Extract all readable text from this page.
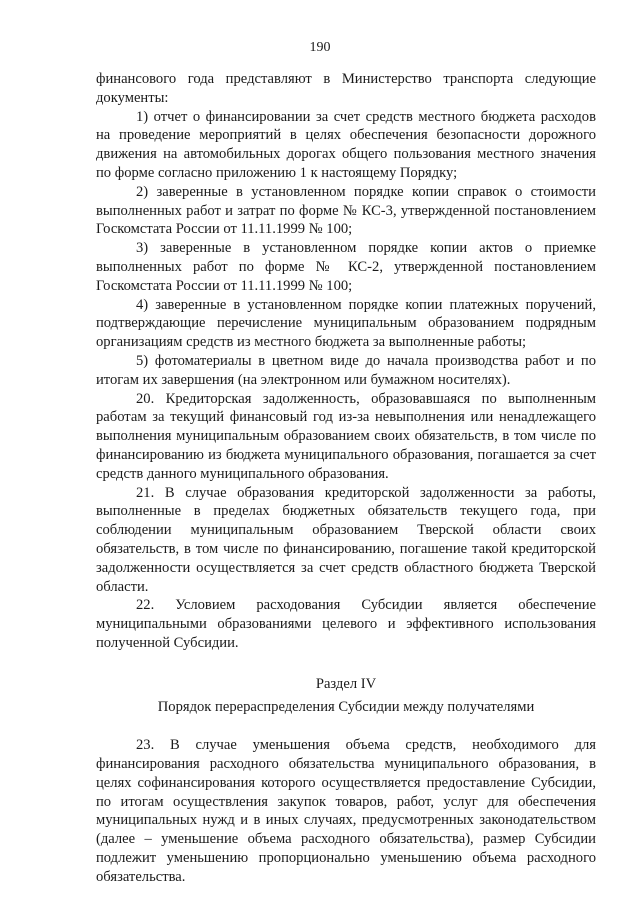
190

финансового года представляют в Министерство транспорта следующие документы:

1) отчет о финансировании за счет средств местного бюджета расходов на проведение мероприятий в целях обеспечения безопасности дорожного движения на автомобильных дорогах общего пользования местного значения по форме согласно приложению 1 к настоящему Порядку;

2) заверенные в установленном порядке копии справок о стоимости выполненных работ и затрат по форме № КС-3, утвержденной постановлением Госкомстата России от 11.11.1999 № 100;

3) заверенные в установленном порядке копии актов о приемке выполненных работ по форме № КС-2, утвержденной постановлением Госкомстата России от 11.11.1999 № 100;

4) заверенные в установленном порядке копии платежных поручений, подтверждающие перечисление муниципальным образованием подрядным организациям средств из местного бюджета за выполненные работы;

5) фотоматериалы в цветном виде до начала производства работ и по итогам их завершения (на электронном или бумажном носителях).

20. Кредиторская задолженность, образовавшаяся по выполненным работам за текущий финансовый год из-за невыполнения или ненадлежащего выполнения муниципальным образованием своих обязательств, в том числе по финансированию из бюджета муниципального образования, погашается за счет средств данного муниципального образования.

21. В случае образования кредиторской задолженности за работы, выполненные в пределах бюджетных обязательств текущего года, при соблюдении муниципальным образованием Тверской области своих обязательств, в том числе по финансированию, погашение такой кредиторской задолженности осуществляется за счет средств областного бюджета Тверской области.

22. Условием расходования Субсидии является обеспечение муниципальными образованиями целевого и эффективного использования полученной Субсидии.

Раздел IV

Порядок перераспределения Субсидии между получателями

23. В случае уменьшения объема средств, необходимого для финансирования расходного обязательства муниципального образования, в целях софинансирования которого осуществляется предоставление Субсидии, по итогам осуществления закупок товаров, работ, услуг для обеспечения муниципальных нужд и в иных случаях, предусмотренных законодательством (далее – уменьшение объема расходного обязательства), размер Субсидии подлежит уменьшению пропорционально уменьшению объема расходного обязательства.
